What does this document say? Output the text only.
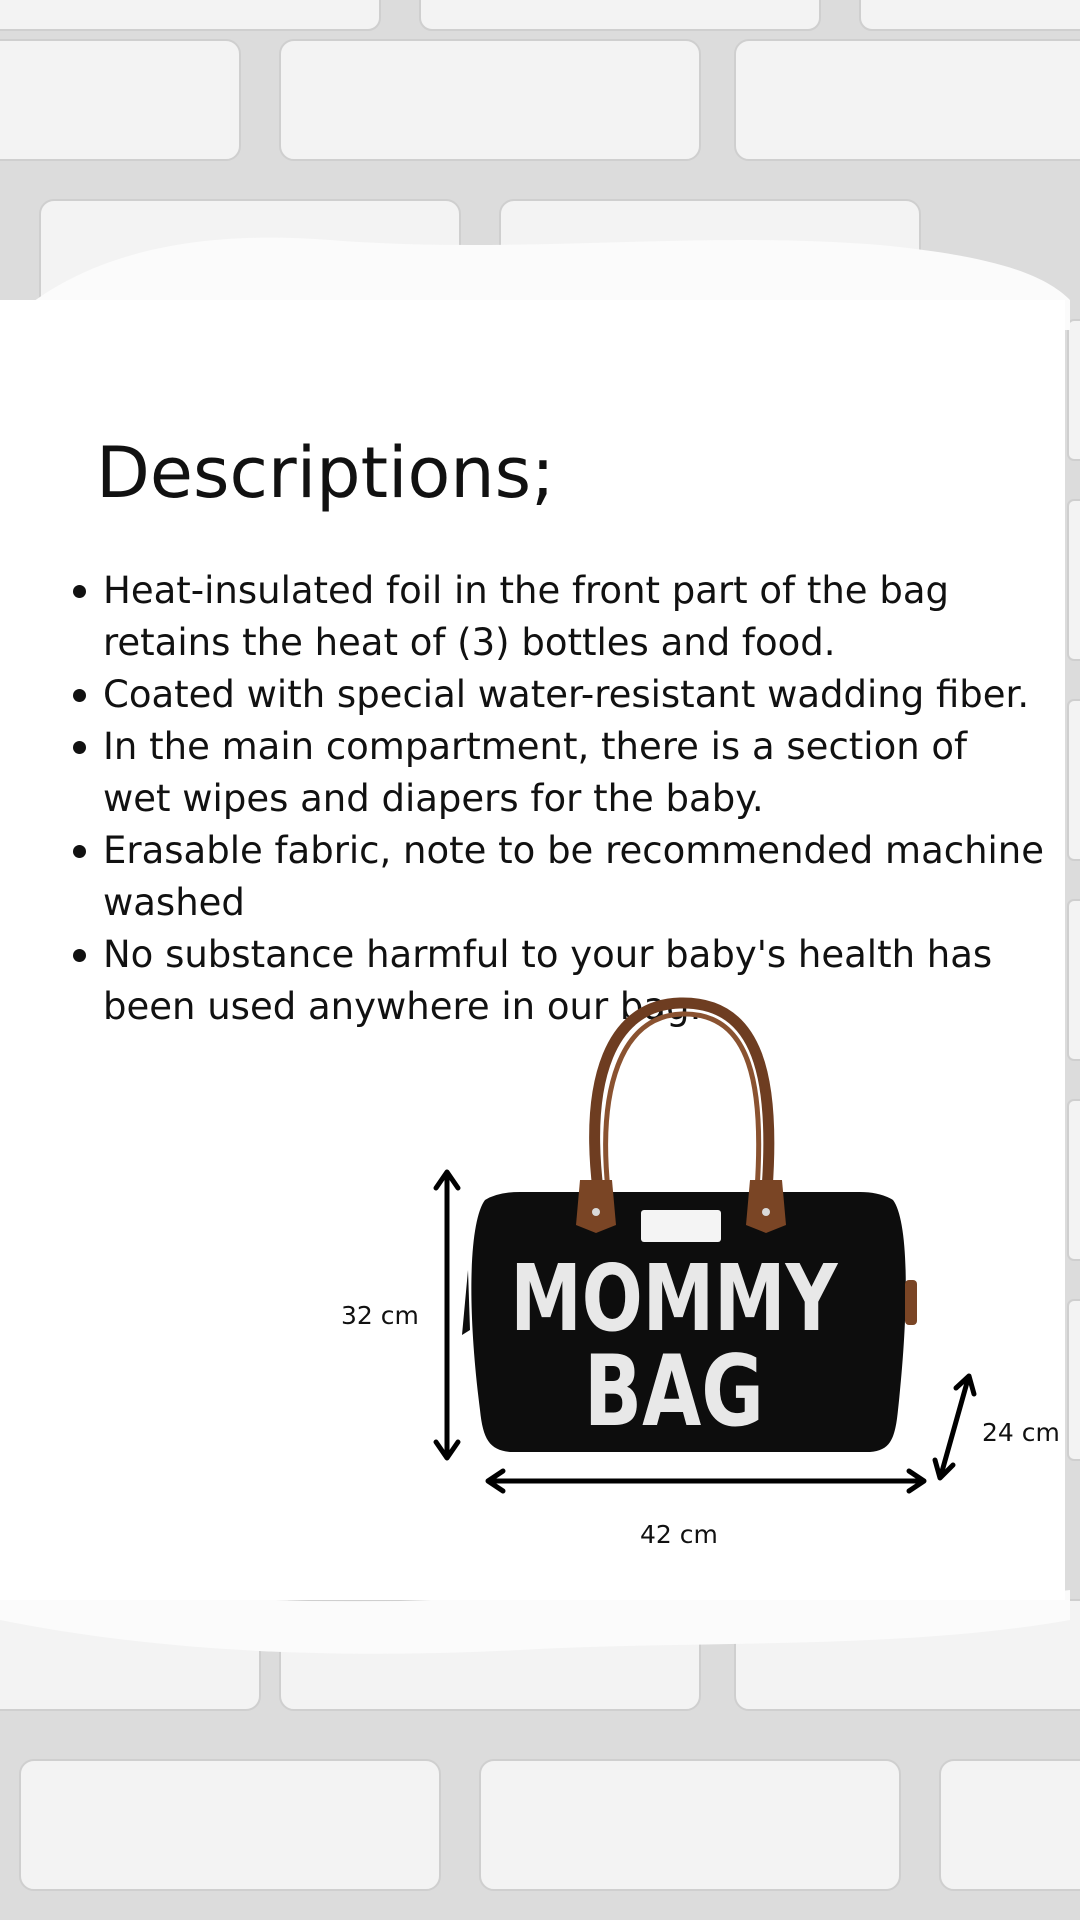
Descriptions;
Heat-insulated foil in the front part of the bag retains the heat of (3) bottles and food.
Coated with special water-resistant wadding fiber.
In the main compartment, there is a section of wet wipes and diapers for the baby.
Erasable fabric, note to be recommended machine washed
No substance harmful to your baby's health has been used anywhere in our bag.
MOMMY
BAG
32 cm
42 cm
24 cm
